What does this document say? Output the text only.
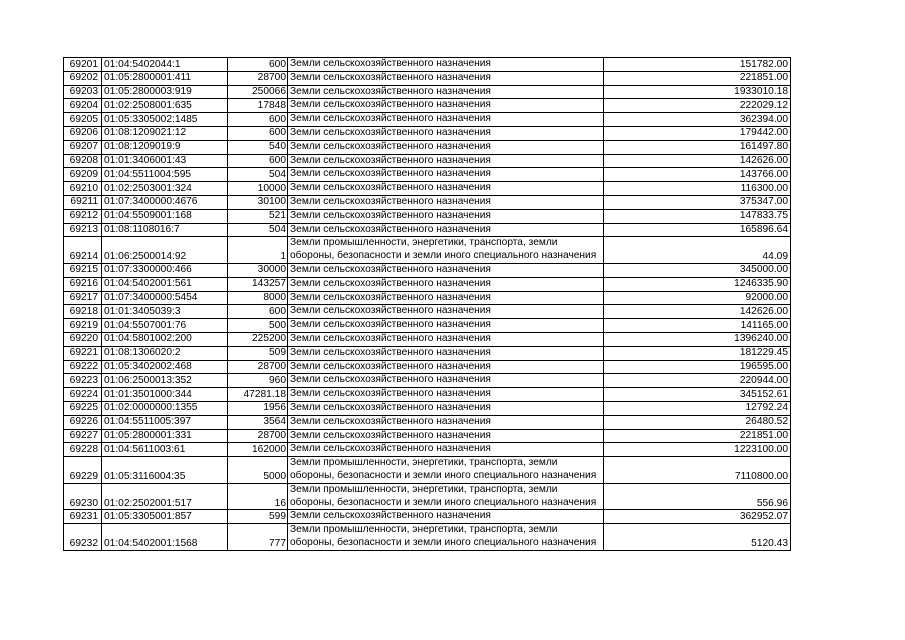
69201	01:04:5402044:1	600	Земли сельскохозяйственного назначения	151782.00
69202	01:05:2800001:411	28700	Земли сельскохозяйственного назначения	221851.00
69203	01:05:2800003:919	250066	Земли сельскохозяйственного назначения	1933010.18
69204	01:02:2508001:635	17848	Земли сельскохозяйственного назначения	222029.12
69205	01:05:3305002:1485	600	Земли сельскохозяйственного назначения	362394.00
69206	01:08:1209021:12	600	Земли сельскохозяйственного назначения	179442.00
69207	01:08:1209019:9	540	Земли сельскохозяйственного назначения	161497.80
69208	01:01:3406001:43	600	Земли сельскохозяйственного назначения	142626.00
69209	01:04:5511004:595	504	Земли сельскохозяйственного назначения	143766.00
69210	01:02:2503001:324	10000	Земли сельскохозяйственного назначения	116300.00
69211	01:07:3400000:4676	30100	Земли сельскохозяйственного назначения	375347.00
69212	01:04:5509001:168	521	Земли сельскохозяйственного назначения	147833.75
69213	01:08:1108016:7	504	Земли сельскохозяйственного назначения	165896.64
69214	01:06:2500014:92	1	Земли промышленности, энергетики, транспорта, земли обороны, безопасности и земли иного специального назначения	44.09
69215	01:07:3300000:466	30000	Земли сельскохозяйственного назначения	345000.00
69216	01:04:5402001:561	143257	Земли сельскохозяйственного назначения	1246335.90
69217	01:07:3400000:5454	8000	Земли сельскохозяйственного назначения	92000.00
69218	01:01:3405039:3	600	Земли сельскохозяйственного назначения	142626.00
69219	01:04:5507001:76	500	Земли сельскохозяйственного назначения	141165.00
69220	01:04:5801002:200	225200	Земли сельскохозяйственного назначения	1396240.00
69221	01:08:1306020:2	509	Земли сельскохозяйственного назначения	181229.45
69222	01:05:3402002:468	28700	Земли сельскохозяйственного назначения	196595.00
69223	01:06:2500013:352	960	Земли сельскохозяйственного назначения	220944.00
69224	01:01:3501000:344	47281.18	Земли сельскохозяйственного назначения	345152.61
69225	01:02:0000000:1355	1956	Земли сельскохозяйственного назначения	12792.24
69226	01:04:5511005:397	3564	Земли сельскохозяйственного назначения	26480.52
69227	01:05:2800001:331	28700	Земли сельскохозяйственного назначения	221851.00
69228	01:04:5611003:61	162000	Земли сельскохозяйственного назначения	1223100.00
69229	01:05:3116004:35	5000	Земли промышленности, энергетики, транспорта, земли обороны, безопасности и земли иного специального назначения	7110800.00
69230	01:02:2502001:517	16	Земли промышленности, энергетики, транспорта, земли обороны, безопасности и земли иного специального назначения	556.96
69231	01:05:3305001:857	599	Земли сельскохозяйственного назначения	362952.07
69232	01:04:5402001:1568	777	Земли промышленности, энергетики, транспорта, земли обороны, безопасности и земли иного специального назначения	5120.43
